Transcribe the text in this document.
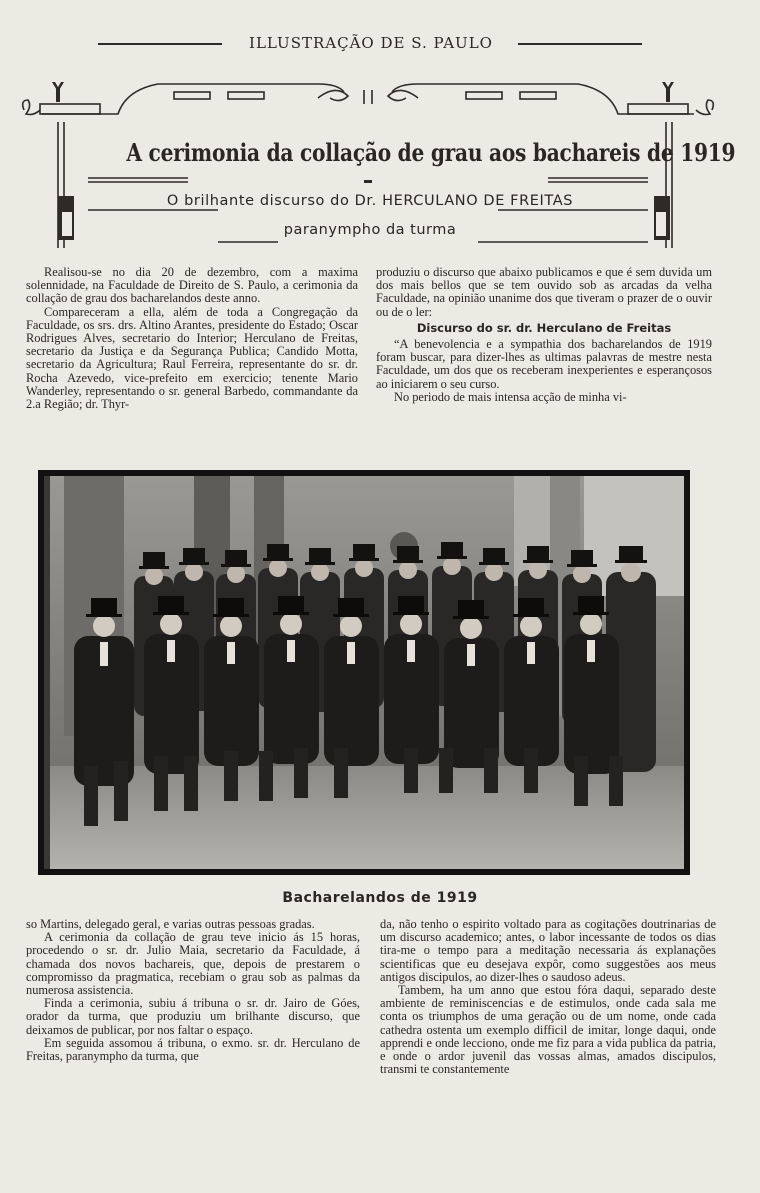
ILLUSTRAÇÃO DE S. PAULO
A cerimonia da collação de grau aos bachareis de 1919
O brilhante discurso do Dr. HERCULANO DE FREITAS
paranympho da turma

Realisou-se no dia 20 de dezembro, com a maxima solennidade, na Faculdade de Direito de S. Paulo, a cerimonia da collação de grau dos bacharelandos deste anno.

Compareceram a ella, além de toda a Congregação da Faculdade, os srs. drs. Altino Arantes, presidente do Estado; Oscar Rodrigues Alves, secretario do Interior; Herculano de Freitas, secretario da Justiça e da Segurança Publica; Candido Motta, secretario da Agricultura; Raul Ferreira, representante do sr. dr. Rocha Azevedo, vice-prefeito em exercicio; tenente Mario Wanderley, representando o sr. general Barbedo, commandante da 2.a Região; dr. Thyr-

produziu o discurso que abaixo publicamos e que é sem duvida um dos mais bellos que se tem ouvido sob as arcadas da velha Faculdade, na opinião unanime dos que tiveram o prazer de o ouvir ou de o ler:

Discurso do sr. dr. Herculano de Freitas

“A benevolencia e a sympathia dos bacharelandos de 1919 foram buscar, para dizer-lhes as ultimas palavras de mestre nesta Faculdade, um dos que os receberam inexperientes e esperançosos ao iniciarem o seu curso.

No periodo de mais intensa acção de minha vi-

Bacharelandos de 1919

so Martins, delegado geral, e varias outras pessoas gradas.

A cerimonia da collação de grau teve inicio ás 15 horas, procedendo o sr. dr. Julio Maia, secretario da Faculdade, á chamada dos novos bachareis, que, depois de prestarem o compromisso da pragmatica, recebiam o grau sob as palmas da numerosa assistencia.

Finda a cerimonia, subiu á tribuna o sr. dr. Jairo de Góes, orador da turma, que produziu um brilhante discurso, que deixamos de publicar, por nos faltar o espaço.

Em seguida assomou á tribuna, o exmo. sr. dr. Herculano de Freitas, paranympho da turma, que

da, não tenho o espirito voltado para as cogitações doutrinarias de um discurso academico; antes, o labor incessante de todos os dias tira-me o tempo para a meditação necessaria ás explanações scientificas que eu desejava expôr, como suggestões aos meus antigos discipulos, ao dizer-lhes o saudoso adeus.

Tambem, ha um anno que estou fóra daqui, separado deste ambiente de reminiscencias e de estimulos, onde cada sala me conta os triumphos de uma geração ou de um nome, onde cada cathedra ostenta um exemplo difficil de imitar, longe daqui, onde apprendi e onde lecciono, onde me fiz para a vida publica da patria, e onde o ardor juvenil das vossas almas, amados discipulos, transmi te constantemente
